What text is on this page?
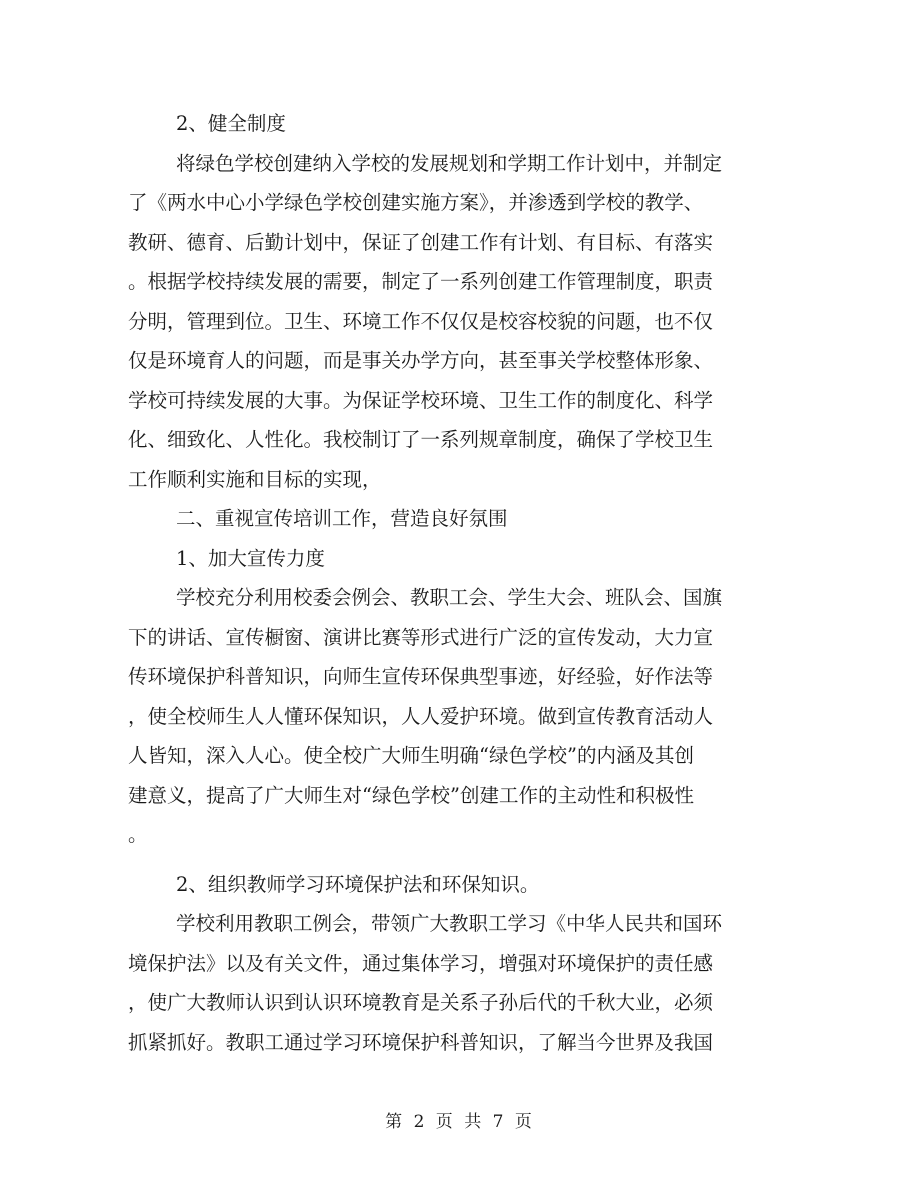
2、健全制度
将绿色学校创建纳入学校的发展规划和学期工作计划中，并制定
了《两水中心小学绿色学校创建实施方案》，并渗透到学校的教学、
教研、德育、后勤计划中，保证了创建工作有计划、有目标、有落实
。根据学校持续发展的需要，制定了一系列创建工作管理制度，职责
分明，管理到位。卫生、环境工作不仅仅是校容校貌的问题，也不仅
仅是环境育人的问题，而是事关办学方向，甚至事关学校整体形象、
学校可持续发展的大事。为保证学校环境、卫生工作的制度化、科学
化、细致化、人性化。我校制订了一系列规章制度，确保了学校卫生
工作顺利实施和目标的实现，
二、重视宣传培训工作，营造良好氛围
1、加大宣传力度
学校充分利用校委会例会、教职工会、学生大会、班队会、国旗
下的讲话、宣传橱窗、演讲比赛等形式进行广泛的宣传发动，大力宣
传环境保护科普知识，向师生宣传环保典型事迹，好经验，好作法等
，使全校师生人人懂环保知识，人人爱护环境。做到宣传教育活动人
人皆知，深入人心。使全校广大师生明确“绿色学校”的内涵及其创
建意义，提高了广大师生对“绿色学校”创建工作的主动性和积极性
。
2、组织教师学习环境保护法和环保知识。
学校利用教职工例会，带领广大教职工学习《中华人民共和国环
境保护法》以及有关文件，通过集体学习，增强对环境保护的责任感
，使广大教师认识到认识环境教育是关系子孙后代的千秋大业，必须
抓紧抓好。教职工通过学习环境保护科普知识，了解当今世界及我国
第 2 页 共 7 页
